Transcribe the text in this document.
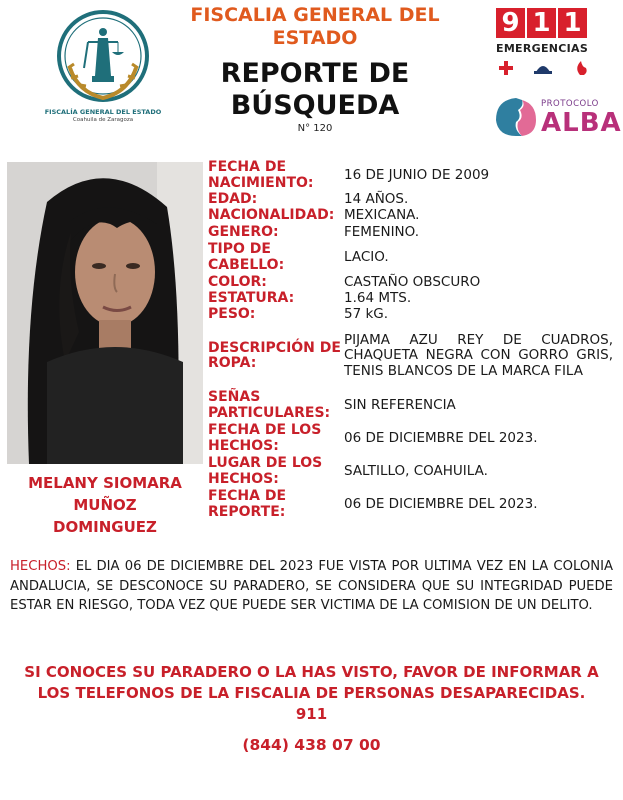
FISCALÍA GENERAL DEL ESTADO
Coahuila de Zaragoza
FISCALIA GENERAL DEL ESTADO
REPORTE DE BÚSQUEDA
N° 120
9 1 1
EMERGENCIAS
PROTOCOLO
ALBA
MELANY SIOMARA
MUÑOZ
DOMINGUEZ
FECHA DE NACIMIENTO:	16 DE JUNIO DE 2009
EDAD:	14 AÑOS.
NACIONALIDAD: MEXICANA.
GENERO:	FEMENINO.
TIPO DE CABELLO:	LACIO.
COLOR:	CASTAÑO OBSCURO
ESTATURA:	1.64 MTS.
PESO:	57 kG.
DESCRIPCIÓN DE ROPA:
PIJAMA AZU REY DE CUADROS, CHAQUETA NEGRA CON GORRO GRIS, TENIS BLANCOS DE LA MARCA FILA
SEÑAS PARTICULARES:	SIN REFERENCIA
FECHA DE LOS HECHOS:	06 DE DICIEMBRE DEL 2023.
LUGAR DE LOS HECHOS:	SALTILLO, COAHUILA.
FECHA DE REPORTE:	06 DE DICIEMBRE DEL 2023.
HECHOS: EL DIA 06 DE DICIEMBRE DEL 2023 FUE VISTA POR ULTIMA VEZ EN LA COLONIA ANDALUCIA, SE DESCONOCE SU PARADERO, SE CONSIDERA QUE SU INTEGRIDAD PUEDE ESTAR EN RIESGO, TODA VEZ QUE PUEDE SER VICTIMA DE LA COMISION DE UN DELITO.
SI CONOCES SU PARADERO O LA HAS VISTO, FAVOR DE INFORMAR A LOS TELEFONOS DE LA FISCALIA DE PERSONAS DESAPARECIDAS.
911
(844) 438 07 00
